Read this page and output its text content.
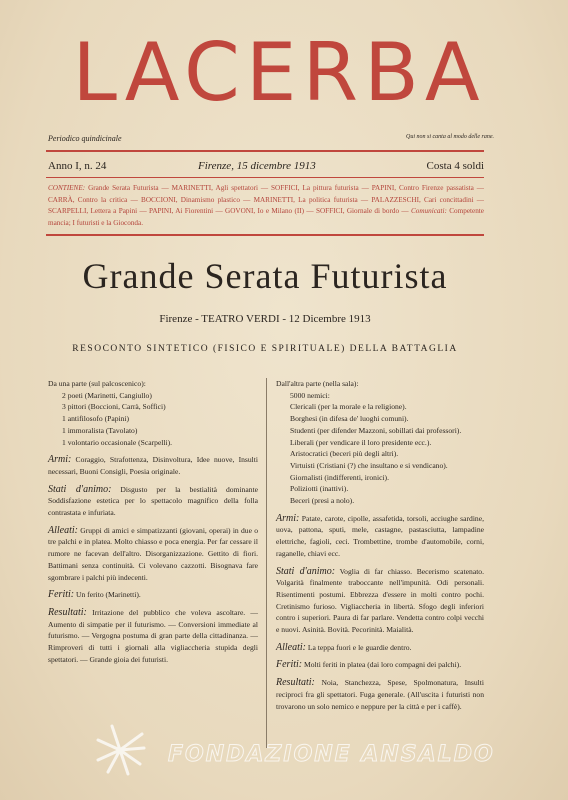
LACERBA
Periodico quindicinale	Qui non si canta al modo delle rane.
Anno I, n. 24	Firenze, 15 dicembre 1913	Costa 4 soldi
CONTIENE: Grande Serata Futurista — MARINETTI, Agli spettatori — SOFFICI, La pittura futurista — PAPINI, Contro Firenze passatista — CARRÀ, Contro la critica — BOCCIONI, Dinamismo plastico — MARINETTI, La politica futurista — PALAZZESCHI, Cari concittadini — SCARPELLI, Lettera a Papini — PAPINI, Ai Fiorentini — GOVONI, Io e Milano (II) — SOFFICI, Giornale di bordo — Comunicati: Competente mancia; I futuristi e la Gioconda.
Grande Serata Futurista
Firenze - TEATRO VERDI - 12 Dicembre 1913
RESOCONTO SINTETICO (FISICO E SPIRITUALE) DELLA BATTAGLIA

Da una parte (sul palcoscenico):

2 poeti (Marinetti, Cangiullo)

3 pittori (Boccioni, Carrà, Soffici)

1 antifilosofo (Papini)

1 immoralista (Tavolato)

1 volontario occasionale (Scarpelli).

Armi: Coraggio, Strafottenza, Disinvoltura, Idee nuove, Insulti necessari, Buoni Consigli, Poesia originale.

Stati d'animo: Disgusto per la bestialità dominante Soddisfazione estetica per lo spettacolo magnifico della folla contrastata e infuriata.

Alleati: Gruppi di amici e simpatizzanti (giovani, operai) in due o tre palchi e in platea. Molto chiasso e poca energia. Per far cessare il rumore ne facevan dell'altro. Disorganizzazione. Gettito di fiori. Battimani senza continuità. Ci volevano cazzotti. Bisognava fare sgombrare i palchi più indecenti.

Feriti: Un ferito (Marinetti).

Resultati: Irritazione del pubblico che voleva ascoltare. — Aumento di simpatie per il futurismo. — Conversioni immediate al futurismo. — Vergogna postuma di gran parte della cittadinanza. — Rimproveri di tutti i giornali alla vigliaccheria stupida degli spettatori. — Grande gioia dei futuristi.

Dall'altra parte (nella sala):

5000 nemici:

Clericali (per la morale e la religione).

Borghesi (in difesa de' luoghi comuni).

Studenti (per difender Mazzoni, sobillati dai professori).

Liberali (per vendicare il loro presidente ecc.).

Aristocratici (beceri più degli altri).

Virtuisti (Cristiani (?) che insultano e si vendicano).

Giornalisti (indifferenti, ironici).

Poliziotti (inattivi).

Beceri (presi a nolo).

Armi: Patate, carote, cipolle, assafetida, torsoli, acciughe sardine, uova, pattona, sputi, mele, castagne, pastasciutta, lampadine elettriche, fagioli, ceci. Trombettine, trombe d'automobile, corni, raganelle, chiavi ecc.

Stati d'animo: Voglia di far chiasso. Becerismo scatenato. Volgarità finalmente traboccante nell'impunità. Odi personali. Risentimenti postumi. Ebbrezza d'essere in molti contro pochi. Cretinismo furioso. Vigliaccheria in libertà. Sfogo degli inferiori contro i superiori. Paura di far parlare. Vendetta contro colpi vecchi e nuovi. Asinità. Bovità. Pecorinità. Maialità.

Alleati: La teppa fuori e le guardie dentro.

Feriti: Molti feriti in platea (dai loro compagni dei palchi).

Resultati: Noia, Stanchezza, Spese, Spolmonatura, Insulti reciproci fra gli spettatori. Fuga generale. (All'uscita i futuristi non trovarono un solo nemico e neppure per la città e per i caffè).

FONDAZIONE ANSALDO
